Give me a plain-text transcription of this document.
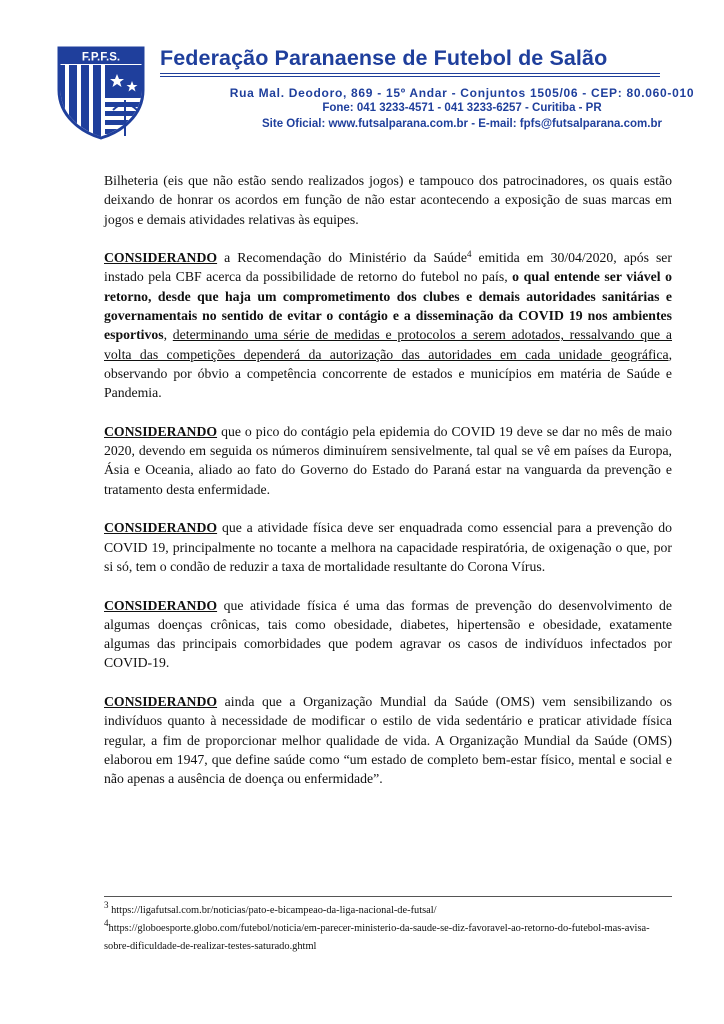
F.P.F.S. Federação Paranaense de Futebol de Salão
Rua Mal. Deodoro, 869 - 15º Andar - Conjuntos 1505/06 - CEP: 80.060-010
Fone: 041 3233-4571 - 041 3233-6257 - Curitiba - PR
Site Oficial: www.futsalparana.com.br - E-mail: fpfs@futsalparana.com.br

Bilheteria (eis que não estão sendo realizados jogos) e tampouco dos patrocinadores, os quais estão deixando de honrar os acordos em função de não estar acontecendo a exposição de suas marcas em jogos e demais atividades relativas às equipes.

CONSIDERANDO a Recomendação do Ministério da Saúde$^4$ emitida em 30/04/2020, após ser instado pela CBF acerca da possibilidade de retorno do futebol no país, o qual entende ser viável o retorno, desde que haja um comprometimento dos clubes e demais autoridades sanitárias e governamentais no sentido de evitar o contágio e a disseminação da COVID 19 nos ambientes esportivos, determinando uma série de medidas e protocolos a serem adotados, ressalvando que a volta das competições dependerá da autorização das autoridades em cada unidade geográfica, observando por óbvio a competência concorrente de estados e municípios em matéria de Saúde e Pandemia.

CONSIDERANDO que o pico do contágio pela epidemia do COVID 19 deve se dar no mês de maio 2020, devendo em seguida os números diminuírem sensivelmente, tal qual se vê em países da Europa, Ásia e Oceania, aliado ao fato do Governo do Estado do Paraná estar na vanguarda da prevenção e tratamento desta enfermidade.

CONSIDERANDO que a atividade física deve ser enquadrada como essencial para a prevenção do COVID 19, principalmente no tocante a melhora na capacidade respiratória, de oxigenação o que, por si só, tem o condão de reduzir a taxa de mortalidade resultante do Corona Vírus.

CONSIDERANDO que atividade física é uma das formas de prevenção do desenvolvimento de algumas doenças crônicas, tais como obesidade, diabetes, hipertensão e obesidade, exatamente algumas das principais comorbidades que podem agravar os casos de indivíduos infectados por COVID-19.

CONSIDERANDO ainda que a Organização Mundial da Saúde (OMS) vem sensibilizando os indivíduos quanto à necessidade de modificar o estilo de vida sedentário e praticar atividade física regular, a fim de proporcionar melhor qualidade de vida. A Organização Mundial da Saúde (OMS) elaborou em 1947, que define saúde como “um estado de completo bem-estar físico, mental e social e não apenas a ausência de doença ou enfermidade”.

$^3$ https://ligafutsal.com.br/noticias/pato-e-bicampeao-da-liga-nacional-de-futsal/
$^4$https://globoesporte.globo.com/futebol/noticia/em-parecer-ministerio-da-saude-se-diz-favoravel-ao-retorno-do-futebol-mas-avisa-sobre-dificuldade-de-realizar-testes-saturado.ghtml
